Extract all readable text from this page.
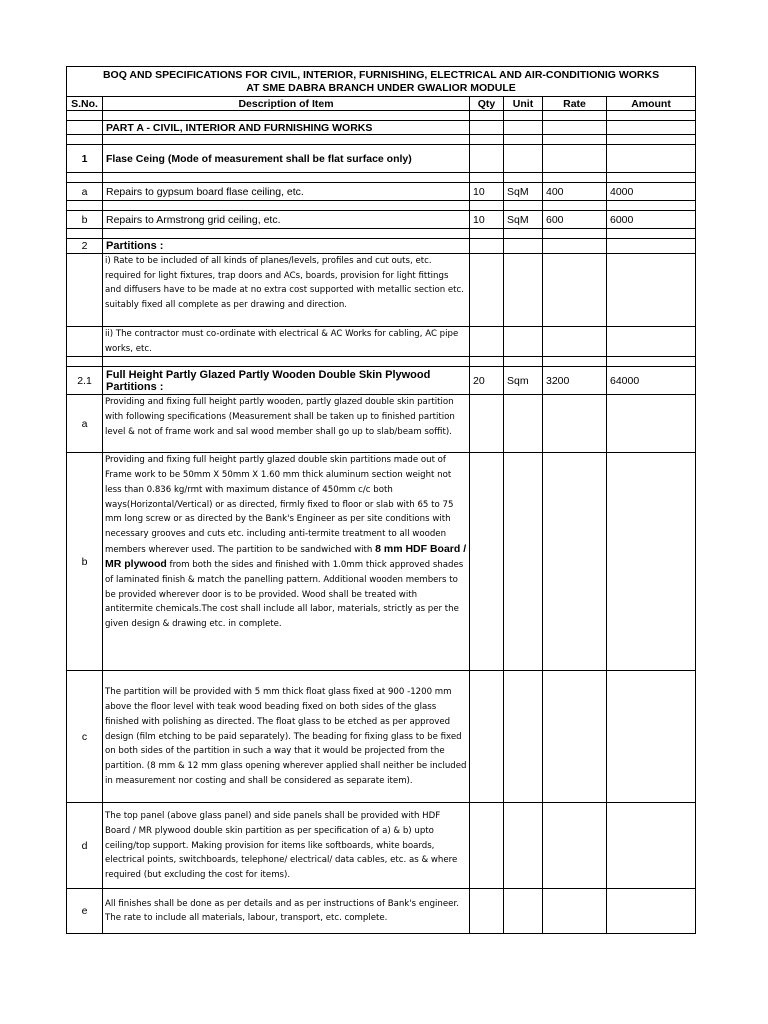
BOQ AND SPECIFICATIONS FOR CIVIL, INTERIOR, FURNISHING, ELECTRICAL AND AIR-CONDITIONIG WORKS
AT SME DABRA BRANCH UNDER GWALIOR MODULE					

S.No.	Description of Item	Qty	Unit	Rate	Amount

	PART A - CIVIL, INTERIOR AND FURNISHING WORKS				

1	Flase Ceing (Mode of measurement shall be flat surface only)				

a	Repairs to gypsum board flase ceiling, etc.	10	SqM	400	4000

b	Repairs to Armstrong grid ceiling, etc.	10	SqM	600	6000

2	Partitions :				
	i) Rate to be included of all kinds of planes/levels, profiles and cut outs, etc. required for light fixtures, trap doors and ACs, boards, provision for light fittings and diffusers have to be made at no extra cost supported with metallic section etc. suitably fixed all complete as per drawing and direction.				
	ii) The contractor must co-ordinate with electrical & AC Works for cabling, AC pipe works, etc.				

2.1	Full Height Partly Glazed Partly Wooden Double Skin Plywood Partitions :	20	Sqm	3200	64000
a	Providing and fixing full height partly wooden, partly glazed double skin partition with following specifications (Measurement shall be taken up to finished partition level & not of frame work and sal wood member shall go up to slab/beam soffit).				
b	Providing and fixing full height partly glazed double skin partitions made out of Frame work to be 50mm X 50mm X 1.60 mm thick aluminum section weight not less than 0.836 kg/rmt with maximum distance of 450mm c/c both ways(Horizontal/Vertical) or as directed, firmly fixed to floor or slab with 65 to 75 mm long screw or as directed by the Bank's Engineer as per site conditions with necessary grooves and cuts etc. including anti-termite treatment to all wooden members wherever used. The partition to be sandwiched with 8 mm HDF Board / MR plywood from both the sides and finished with 1.0mm thick approved shades of laminated finish & match the panelling pattern. Additional wooden members to be provided wherever door is to be provided. Wood shall be treated with antitermite chemicals.The cost shall include all labor, materials, strictly as per the given design & drawing etc. in complete.				
c	The partition will be provided with 5 mm thick float glass fixed at 900 -1200 mm above the floor level with teak wood beading fixed on both sides of the glass finished with polishing as directed. The float glass to be etched as per approved design (film etching to be paid separately). The beading for fixing glass to be fixed on both sides of the partition in such a way that it would be projected from the partition. (8 mm & 12 mm glass opening wherever applied shall neither be included in measurement nor costing and shall be considered as separate item).				
d	The top panel (above glass panel) and side panels shall be provided with HDF Board / MR plywood double skin partition as per specification of a) & b) upto ceiling/top support. Making provision for items like softboards, white boards, electrical points, switchboards, telephone/ electrical/ data cables, etc. as & where required (but excluding the cost for items).				
e	All finishes shall be done as per details and as per instructions of Bank's engineer. The rate to include all materials, labour, transport, etc. complete.				
